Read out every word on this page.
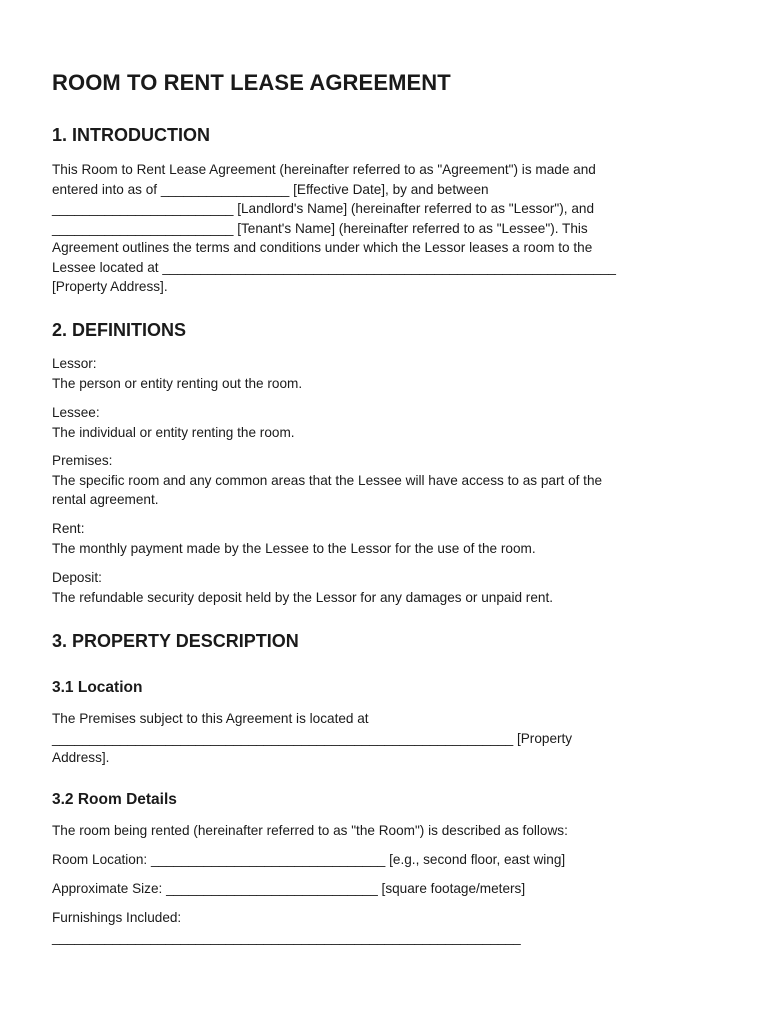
ROOM TO RENT LEASE AGREEMENT
1. INTRODUCTION
This Room to Rent Lease Agreement (hereinafter referred to as "Agreement") is made and
entered into as of _________________ [Effective Date], by and between
________________________ [Landlord's Name] (hereinafter referred to as "Lessor"), and
________________________ [Tenant's Name] (hereinafter referred to as "Lessee"). This
Agreement outlines the terms and conditions under which the Lessor leases a room to the
Lessee located at ____________________________________________________________
[Property Address].
2. DEFINITIONS
Lessor:
The person or entity renting out the room.
Lessee:
The individual or entity renting the room.
Premises:
The specific room and any common areas that the Lessee will have access to as part of the
rental agreement.
Rent:
The monthly payment made by the Lessee to the Lessor for the use of the room.
Deposit:
The refundable security deposit held by the Lessor for any damages or unpaid rent.
3. PROPERTY DESCRIPTION
3.1 Location
The Premises subject to this Agreement is located at
_____________________________________________________________ [Property
Address].
3.2 Room Details
The room being rented (hereinafter referred to as "the Room") is described as follows:
Room Location: _______________________________ [e.g., second floor, east wing]
Approximate Size: ____________________________ [square footage/meters]
Furnishings Included:
______________________________________________________________
